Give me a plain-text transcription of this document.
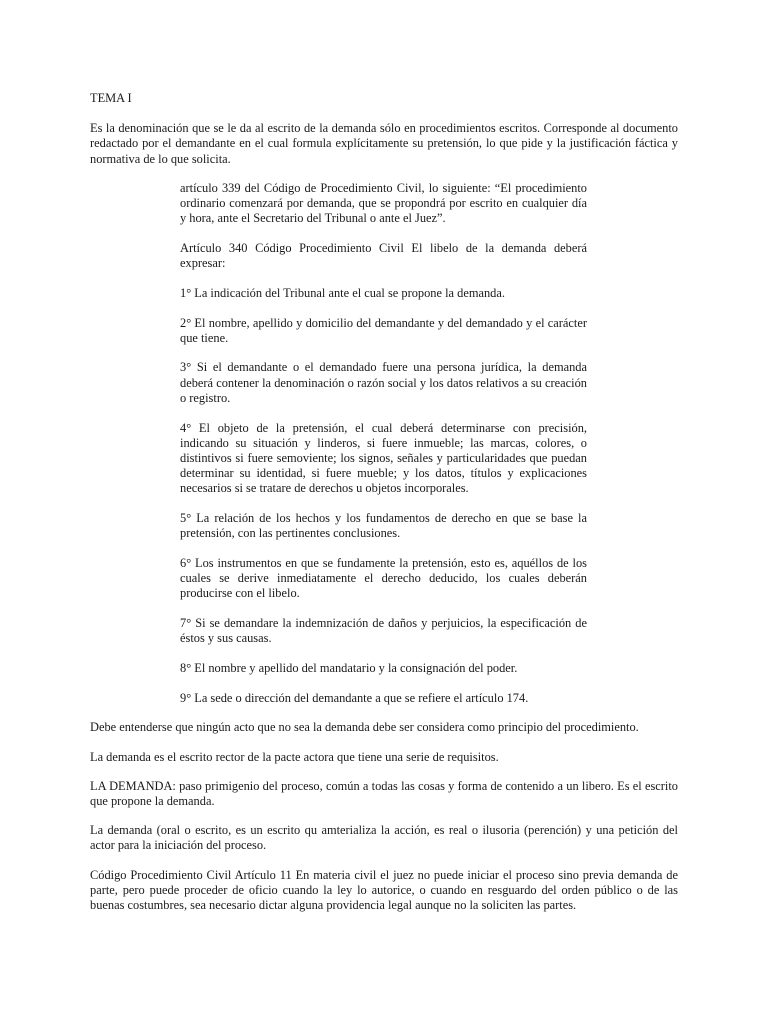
TEMA I

Es la denominación que se le da al escrito de la demanda sólo en procedimientos escritos. Corresponde al documento redactado por el demandante en el cual formula explícitamente su pretensión, lo que pide y la justificación fáctica y normativa de lo que solicita.

artículo 339 del Código de Procedimiento Civil, lo siguiente: “El procedimiento ordinario comenzará por demanda, que se propondrá por escrito en cualquier día y hora, ante el Secretario del Tribunal o ante el Juez”.

Artículo 340 Código Procedimiento Civil El libelo de la demanda deberá expresar:

1° La indicación del Tribunal ante el cual se propone la demanda.

2° El nombre, apellido y domicilio del demandante y del demandado y el carácter que tiene.

3° Si el demandante o el demandado fuere una persona jurídica, la demanda deberá contener la denominación o razón social y los datos relativos a su creación o registro.

4° El objeto de la pretensión, el cual deberá determinarse con precisión, indicando su situación y linderos, si fuere inmueble; las marcas, colores, o distintivos si fuere semoviente; los signos, señales y particularidades que puedan determinar su identidad, si fuere mueble; y los datos, títulos y explicaciones necesarios si se tratare de derechos u objetos incorporales.

5° La relación de los hechos y los fundamentos de derecho en que se base la pretensión, con las pertinentes conclusiones.

6° Los instrumentos en que se fundamente la pretensión, esto es, aquéllos de los cuales se derive inmediatamente el derecho deducido, los cuales deberán producirse con el libelo.

7° Si se demandare la indemnización de daños y perjuicios, la especificación de éstos y sus causas.

8° El nombre y apellido del mandatario y la consignación del poder.

9° La sede o dirección del demandante a que se refiere el artículo 174.

Debe entenderse que ningún acto que no sea la demanda debe ser considera como principio del procedimiento.

La demanda es el escrito rector de la pacte actora que tiene una serie de requisitos.

LA DEMANDA: paso primigenio del proceso, común a todas las cosas y forma de contenido a un libero. Es el escrito que propone la demanda.

La demanda (oral o escrito, es un escrito qu amterializa la acción, es real o ilusoria (perención) y una petición del actor para la iniciación del proceso.

Código Procedimiento Civil Artículo 11 En materia civil el juez no puede iniciar el proceso sino previa demanda de parte, pero puede proceder de oficio cuando la ley lo autorice, o cuando en resguardo del orden público o de las buenas costumbres, sea necesario dictar alguna providencia legal aunque no la soliciten las partes.
